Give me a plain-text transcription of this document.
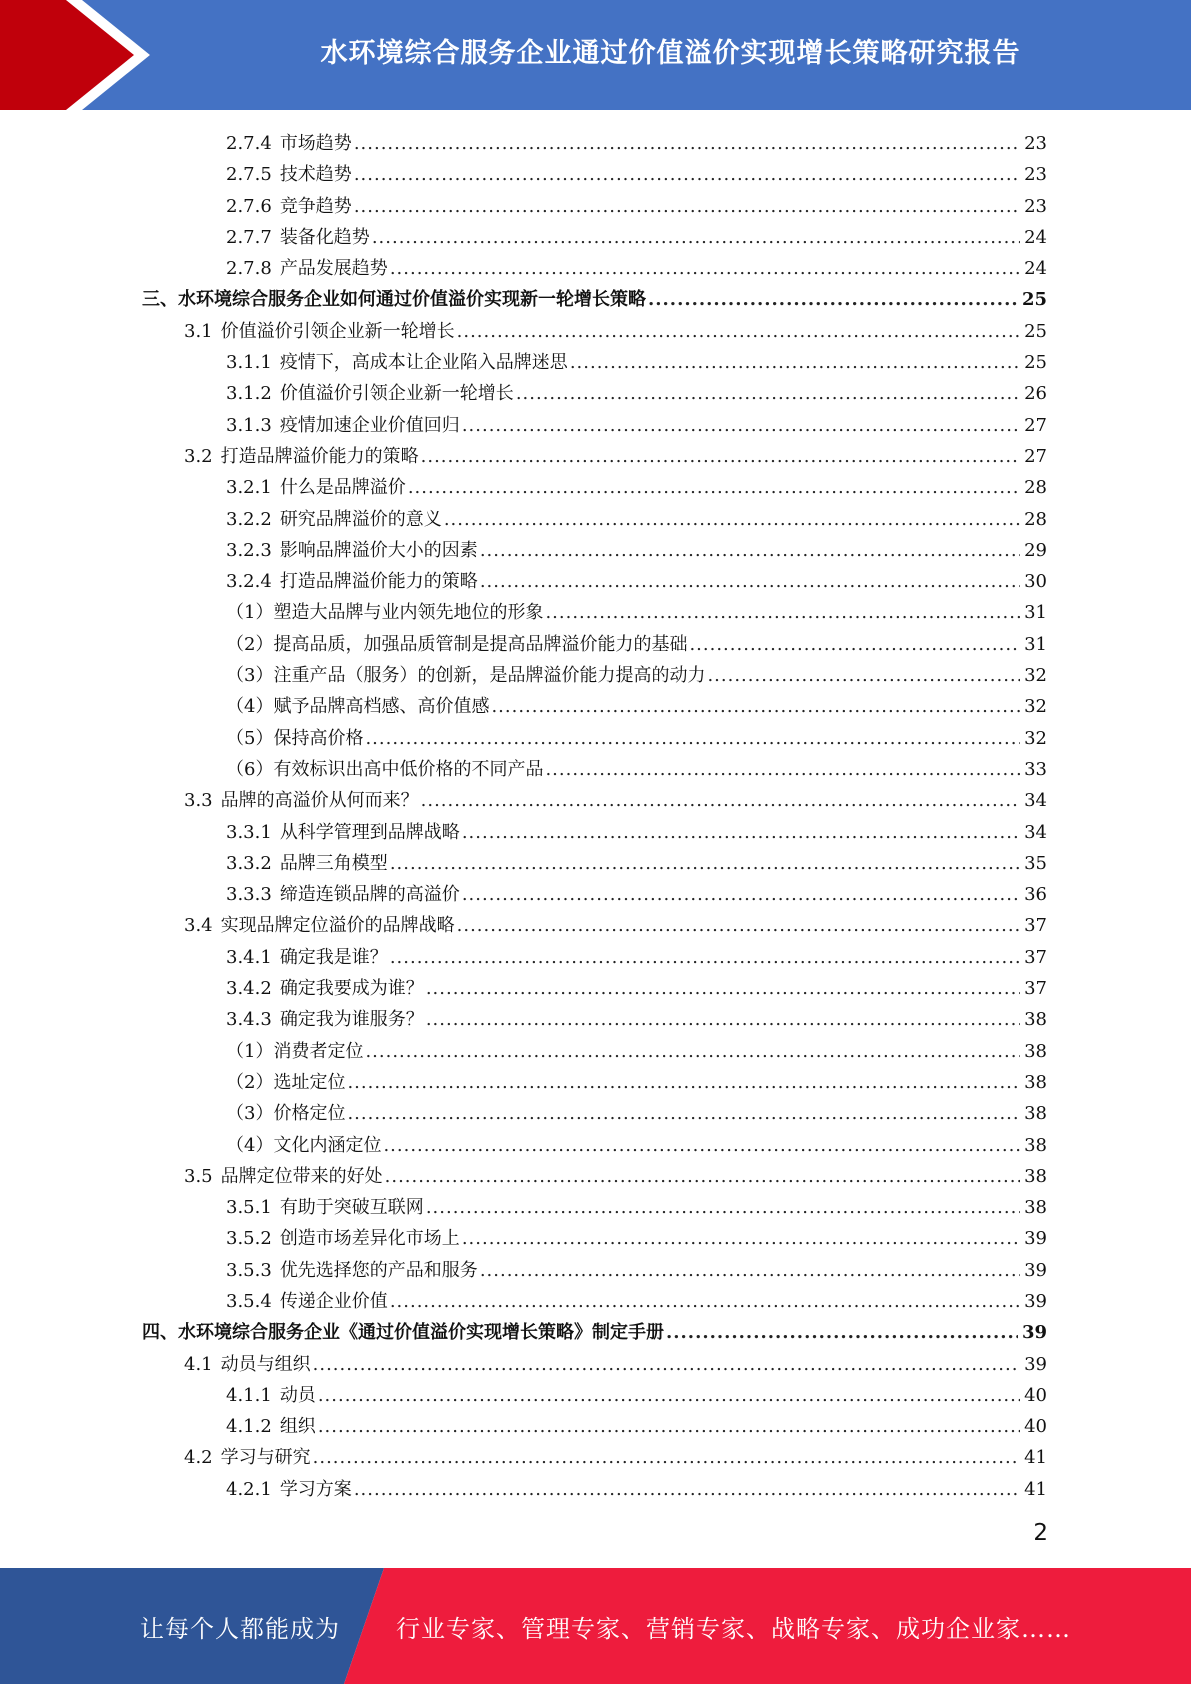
水环境综合服务企业通过价值溢价实现增长策略研究报告
2.7.4 市场趋势 .....	23
2.7.5 技术趋势 .....	23
2.7.6 竞争趋势 .....	23
2.7.7 装备化趋势 .....	24
2.7.8 产品发展趋势 .....	24
三、 水环境综合服务企业如何通过价值溢价实现新一轮增长策略 .....	25
3.1 价值溢价引领企业新一轮增长 .....	25
3.1.1 疫情下，高成本让企业陷入品牌迷思 .....	25
3.1.2 价值溢价引领企业新一轮增长 .....	26
3.1.3 疫情加速企业价值回归 .....	27
3.2 打造品牌溢价能力的策略 .....	27
3.2.1 什么是品牌溢价 .....	28
3.2.2 研究品牌溢价的意义 .....	28
3.2.3 影响品牌溢价大小的因素 .....	29
3.2.4 打造品牌溢价能力的策略 .....	30
（1） 塑造大品牌与业内领先地位的形象 .....	31
（2） 提高品质，加强品质管制是提高品牌溢价能力的基础 .....	31
（3） 注重产品（服务）的创新，是品牌溢价能力提高的动力 .....	32
（4） 赋予品牌高档感、高价值感 .....	32
（5） 保持高价格 .....	32
（6） 有效标识出高中低价格的不同产品 .....	33
3.3 品牌的高溢价从何而来？ .....	34
3.3.1 从科学管理到品牌战略 .....	34
3.3.2 品牌三角模型 .....	35
3.3.3 缔造连锁品牌的高溢价 .....	36
3.4 实现品牌定位溢价的品牌战略 .....	37
3.4.1 确定我是谁？ .....	37
3.4.2 确定我要成为谁？ .....	37
3.4.3 确定我为谁服务？ .....	38
（1） 消费者定位 .....	38
（2） 选址定位 .....	38
（3） 价格定位 .....	38
（4） 文化内涵定位 .....	38
3.5 品牌定位带来的好处 .....	38
3.5.1 有助于突破互联网 .....	38
3.5.2 创造市场差异化市场上 .....	39
3.5.3 优先选择您的产品和服务 .....	39
3.5.4 传递企业价值 .....	39
四、 水环境综合服务企业《通过价值溢价实现增长策略》制定手册 .....	39
4.1 动员与组织 .....	39
4.1.1 动员 .....	40
4.1.2 组织 .....	40
4.2 学习与研究 .....	41
4.2.1 学习方案 .....	41
2
让每个人都能成为 行业专家、管理专家、营销专家、战略专家、成功企业家……
